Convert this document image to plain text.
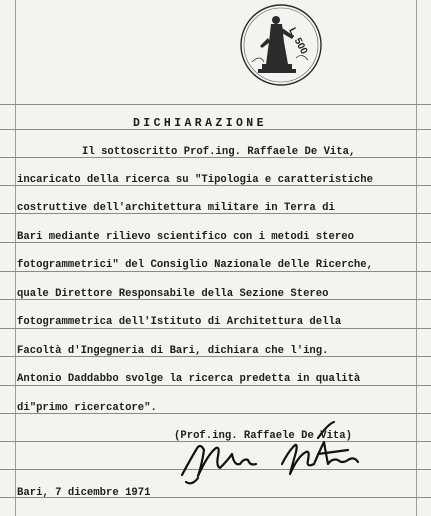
L. 500
DICHIARAZIONE
Il sottoscritto Prof.ing. Raffaele De Vita,
incaricato della ricerca su "Tipologia e caratteristiche
costruttive dell'architettura militare in Terra di
Bari mediante rilievo scientifico con i metodi stereo
fotogrammetrici" del Consiglio Nazionale delle Ricerche,
quale Direttore Responsabile della Sezione Stereo
fotogrammetrica dell'Istituto di Architettura della
Facoltà d'Ingegneria di Bari, dichiara che l'ing.
Antonio Daddabbo svolge la ricerca predetta in qualità
di"primo ricercatore".
(Prof.ing. Raffaele De Vita)
Bari, 7 dicembre 1971
